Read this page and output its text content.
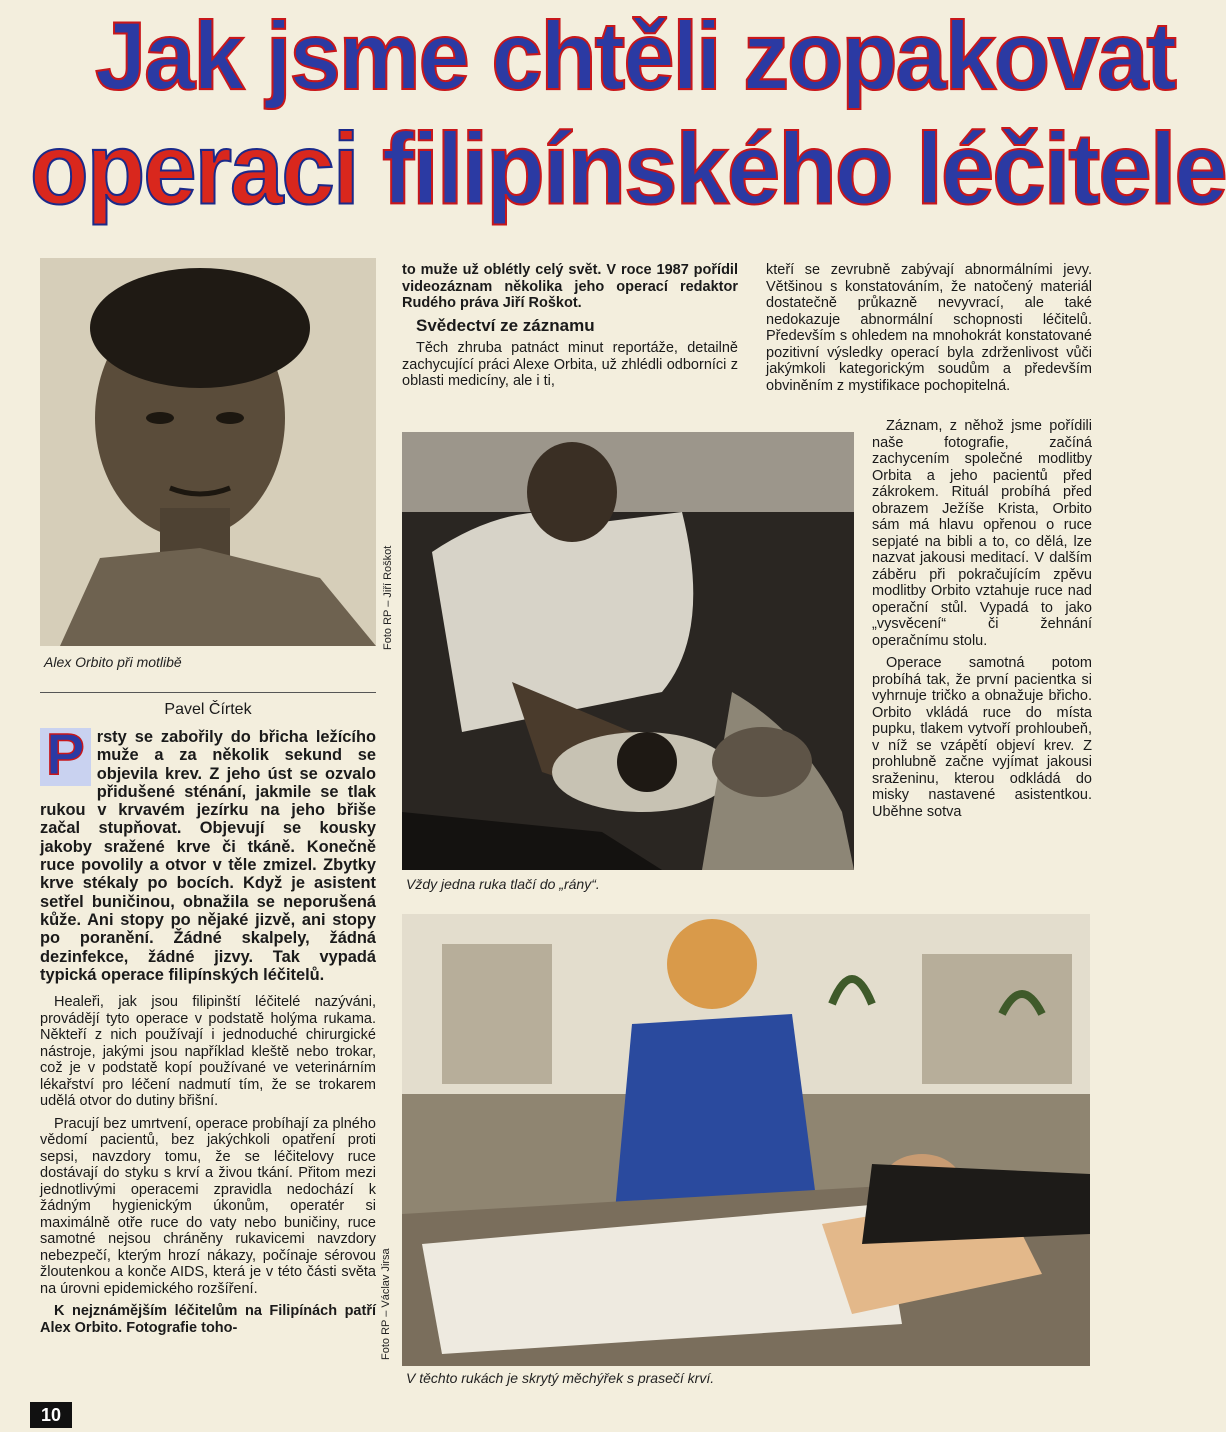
Jak jsme chtěli zopakovat
operaci filipínského léčitele
Alex Orbito při motlibě
Pavel Čírtek
P rsty se zabořily do břicha ležícího muže a za několik sekund se objevila krev. Z jeho úst se ozvalo přidušené sténání, jakmile se tlak rukou v krvavém jezírku na jeho břiše začal stupňovat. Objevují se kousky jakoby sražené krve či tkáně. Konečně ruce povolily a otvor v těle zmizel. Zbytky krve stékaly po bocích. Když je asistent setřel buničinou, obnažila se neporušená kůže. Ani stopy po nějaké jizvě, ani stopy po poranění. Žádné skalpely, žádná dezinfekce, žádné jizvy. Tak vypadá typická operace filipínských léčitelů.

Healeři, jak jsou filipinští léčitelé nazýváni, provádějí tyto operace v podstatě holýma rukama. Někteří z nich používají i jednoduché chirurgické nástroje, jakými jsou například kleště nebo trokar, což je v podstatě kopí používané ve veterinárním lékařství pro léčení nadmutí tím, že se trokarem udělá otvor do dutiny břišní.

Pracují bez umrtvení, operace probíhají za plného vědomí pacientů, bez jakýchkoli opatření proti sepsi, navzdory tomu, že se léčitelovy ruce dostávají do styku s krví a živou tkání. Přitom mezi jednotlivými operacemi zpravidla nedochází k žádným hygienickým úkonům, operatér si maximálně otře ruce do vaty nebo buničiny, ruce samotné nejsou chráněny rukavicemi navzdory nebezpečí, kterým hrozí nákazy, počínaje sérovou žloutenkou a konče AIDS, která je v této části světa na úrovni epidemického rozšíření.

K nejznámějším léčitelům na Filipínách patří Alex Orbito. Fotografie toho-

to muže už oblétly celý svět. V roce 1987 pořídil videozáznam několika jeho operací redaktor Rudého práva Jiří Roškot.

Svědectví ze záznamu

Těch zhruba patnáct minut reportáže, detailně zachycující práci Alexe Orbita, už zhlédli odborníci z oblasti medicíny, ale i ti,

Foto RP – Jiří Roškot
Vždy jedna ruka tlačí do „rány“.

kteří se zevrubně zabývají abnormálními jevy. Většinou s konstatováním, že natočený materiál dostatečně průkazně nevyvrací, ale také nedokazuje abnormální schopnosti léčitelů. Především s ohledem na mnohokrát konstatované pozitivní výsledky operací byla zdrženlivost vůči jakýmkoli kategorickým soudům a především obviněním z mystifikace pochopitelná.

Záznam, z něhož jsme pořídili naše fotografie, začíná zachycením společné modlitby Orbita a jeho pacientů před zákrokem. Rituál probíhá před obrazem Ježíše Krista, Orbito sám má hlavu opřenou o ruce sepjaté na bibli a to, co dělá, lze nazvat jakousi meditací. V dalším záběru při pokračujícím zpěvu modlitby Orbito vztahuje ruce nad operační stůl. Vypadá to jako „vysvěcení“ či žehnání operačnímu stolu.

Operace samotná potom probíhá tak, že první pacientka si vyhrnuje tričko a obnažuje břicho. Orbito vkládá ruce do místa pupku, tlakem vytvoří prohloubeň, v níž se vzápětí objeví krev. Z prohlubně začne vyjímat jakousi sraženinu, kterou odkládá do misky nastavené asistentkou. Uběhne sotva

Foto RP – Václav Jirsa
V těchto rukách je skrytý měchýřek s prasečí krví.
10
